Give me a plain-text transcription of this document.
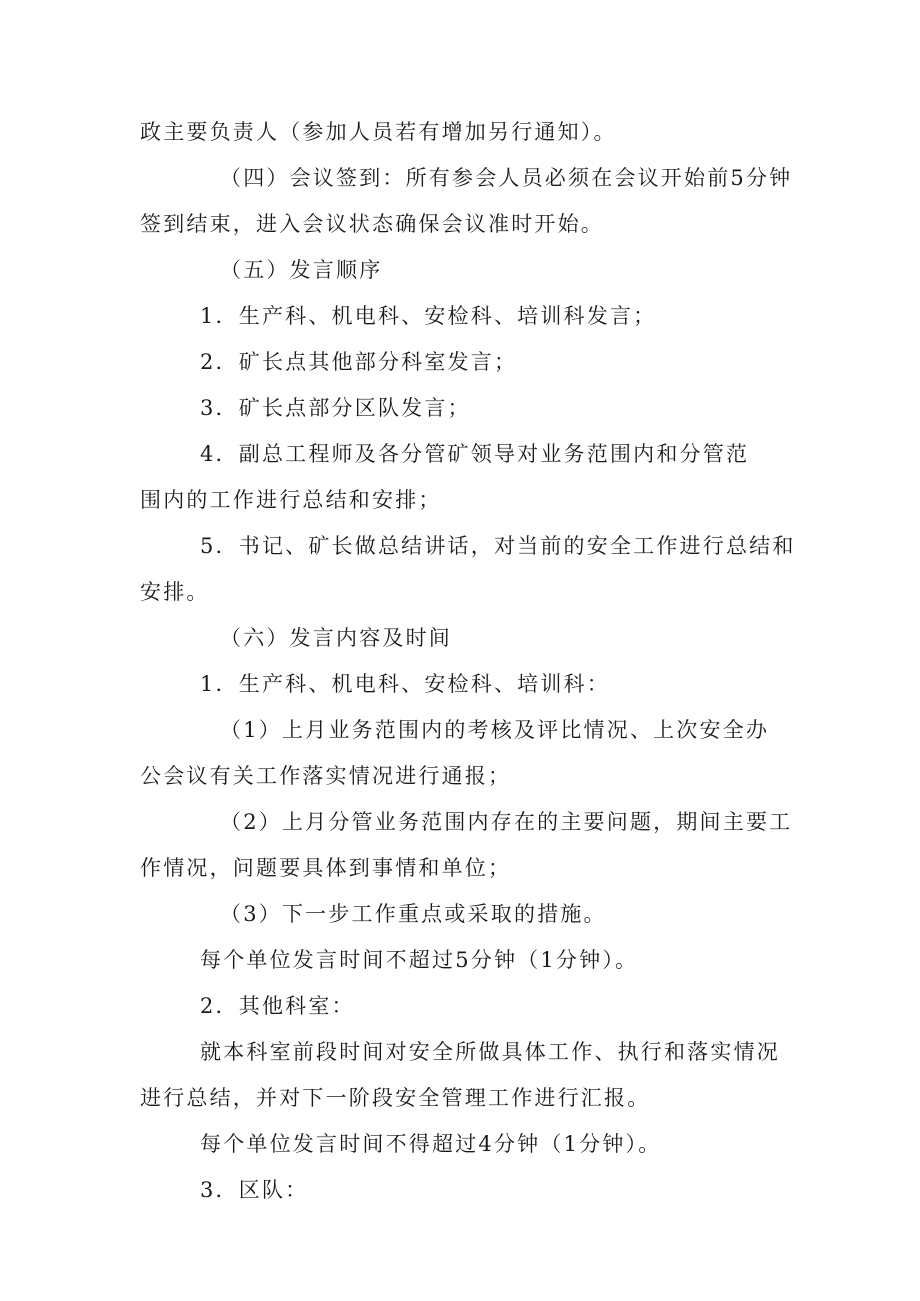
政主要负责人（参加人员若有增加另行通知）。
（四）会议签到：所有参会人员必须在会议开始前5分钟
签到结束，进入会议状态确保会议准时开始。
（五）发言顺序
1．生产科、机电科、安检科、培训科发言；
2．矿长点其他部分科室发言；
3．矿长点部分区队发言；
4．副总工程师及各分管矿领导对业务范围内和分管范
围内的工作进行总结和安排；
5．书记、矿长做总结讲话，对当前的安全工作进行总结和
安排。
（六）发言内容及时间
1．生产科、机电科、安检科、培训科：
（1）上月业务范围内的考核及评比情况、上次安全办
公会议有关工作落实情况进行通报；
（2）上月分管业务范围内存在的主要问题，期间主要工
作情况，问题要具体到事情和单位；
（3）下一步工作重点或采取的措施。
每个单位发言时间不超过5分钟（1分钟）。
2．其他科室：
就本科室前段时间对安全所做具体工作、执行和落实情况
进行总结，并对下一阶段安全管理工作进行汇报。
每个单位发言时间不得超过4分钟（1分钟）。
3．区队：
